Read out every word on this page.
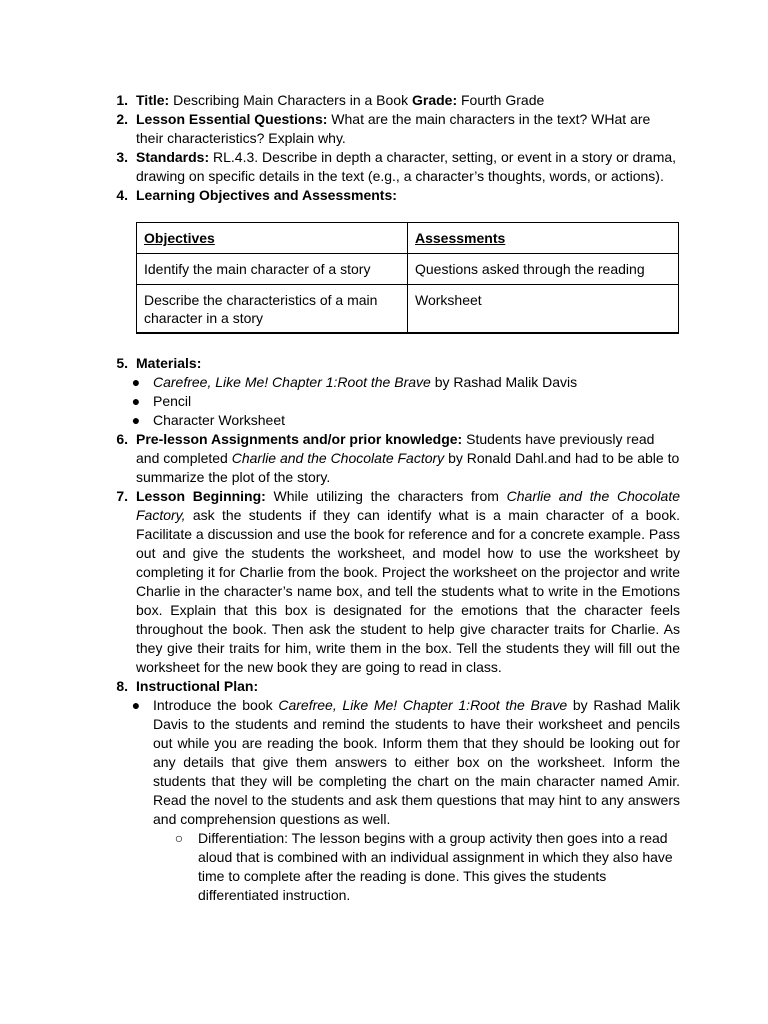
1. Title: Describing Main Characters in a Book Grade: Fourth Grade
2. Lesson Essential Questions: What are the main characters in the text? WHat are their characteristics? Explain why.
3. Standards: RL.4.3. Describe in depth a character, setting, or event in a story or drama, drawing on specific details in the text (e.g., a character’s thoughts, words, or actions).
4. Learning Objectives and Assessments:
Objectives	Assessments
Identify the main character of a story	Questions asked through the reading
Describe the characteristics of a main character in a story	Worksheet
5. Materials:
● Carefree, Like Me! Chapter 1:Root the Brave by Rashad Malik Davis
● Pencil
● Character Worksheet
6. Pre-lesson Assignments and/or prior knowledge: Students have previously read and completed Charlie and the Chocolate Factory by Ronald Dahl.and had to be able to summarize the plot of the story.
7. Lesson Beginning: While utilizing the characters from Charlie and the Chocolate Factory, ask the students if they can identify what is a main character of a book. Facilitate a discussion and use the book for reference and for a concrete example. Pass out and give the students the worksheet, and model how to use the worksheet by completing it for Charlie from the book. Project the worksheet on the projector and write Charlie in the character’s name box, and tell the students what to write in the Emotions box. Explain that this box is designated for the emotions that the character feels throughout the book. Then ask the student to help give character traits for Charlie. As they give their traits for him, write them in the box. Tell the students they will fill out the worksheet for the new book they are going to read in class.
8. Instructional Plan:
● Introduce the book Carefree, Like Me! Chapter 1:Root the Brave by Rashad Malik Davis to the students and remind the students to have their worksheet and pencils out while you are reading the book. Inform them that they should be looking out for any details that give them answers to either box on the worksheet. Inform the students that they will be completing the chart on the main character named Amir. Read the novel to the students and ask them questions that may hint to any answers and comprehension questions as well.
○ Differentiation: The lesson begins with a group activity then goes into a read aloud that is combined with an individual assignment in which they also have time to complete after the reading is done. This gives the students differentiated instruction.
